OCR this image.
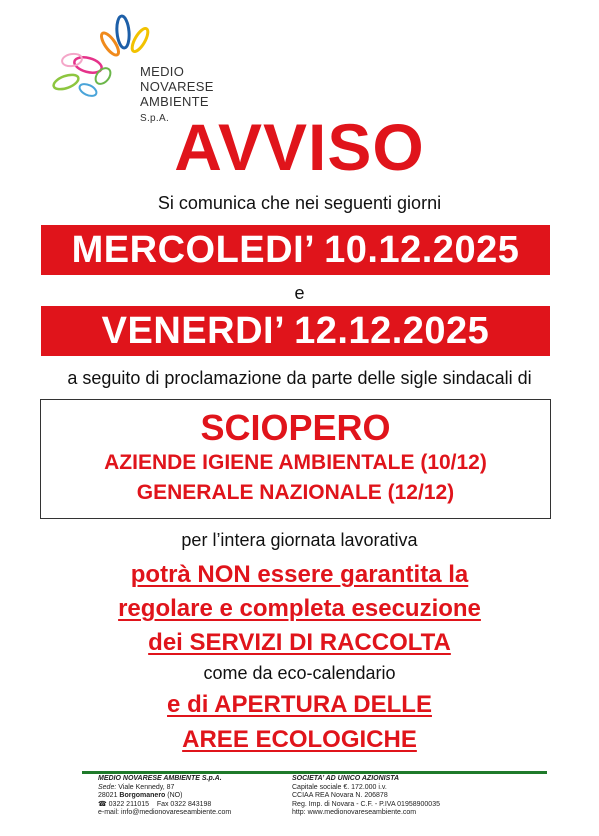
MEDIO
NOVARESE
AMBIENTE S.p.A. AVVISO
Si comunica che nei seguenti giorni
MERCOLEDI’ 10.12.2025
e
VENERDI’ 12.12.2025
a seguito di proclamazione da parte delle sigle sindacali di
SCIOPERO
AZIENDE IGIENE AMBIENTALE (10/12)
GENERALE NAZIONALE (12/12)
per l’intera giornata lavorativa
potrà NON essere garantita la
regolare e completa esecuzione
dei SERVIZI DI RACCOLTA
come da eco-calendario
e di APERTURA DELLE
AREE ECOLOGICHE
MEDIO NOVARESE AMBIENTE S.p.A.
Sede: Viale Kennedy, 87
28021 Borgomanero (NO)
☎ 0322 211015 Fax 0322 843198
e-mail: info@medionovareseambiente.com
SOCIETA’ AD UNICO AZIONISTA
Capitale sociale €. 172.000 i.v.
CCIAA REA Novara N. 206878
Reg. Imp. di Novara - C.F. - P.IVA 01958900035
http: www.medionovareseambiente.com
